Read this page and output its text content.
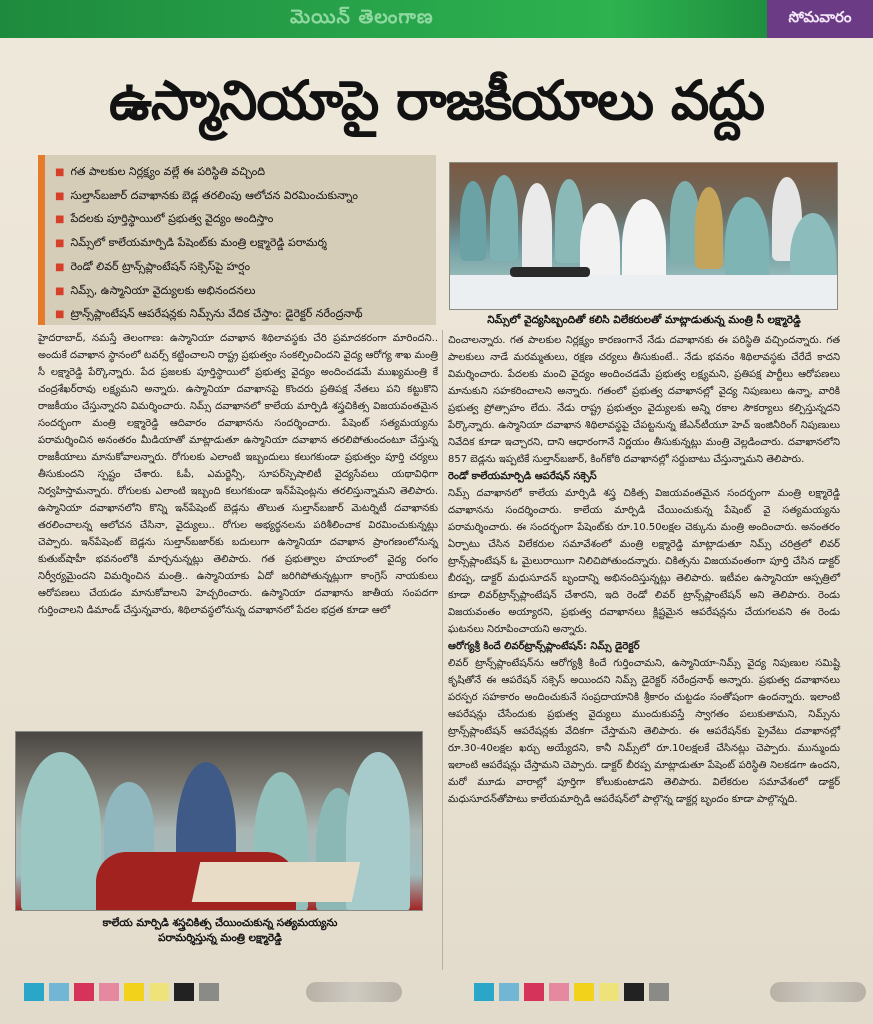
మెయిన్ తెలంగాణ	సోమవారం
ఉస్మానియాపై రాజకీయాలు వద్దు
■ గత పాలకుల నిర్లక్ష్యం వల్లే ఈ పరిస్థితి వచ్చింది
■ సుల్తాన్‌బజార్ దవాఖానకు బెడ్ల తరలింపు ఆలోచన విరమించుకున్నాం
■ పేదలకు పూర్తిస్థాయిలో ప్రభుత్వ వైద్యం అందిస్తాం
■ నిమ్స్‌లో కాలేయమార్పిడి పేషెంట్‌కు మంత్రి లక్ష్మారెడ్డి పరామర్శ
■ రెండో లివర్ ట్రాన్స్‌ప్లాంటేషన్ సక్సెస్‌పై హర్షం
■ నిమ్స్, ఉస్మానియా వైద్యులకు అభినందనలు
■ ట్రాన్స్‌ప్లాంటేషన్ ఆపరేషన్లకు నిమ్స్‌ను వేదిక చేస్తాం: డైరెక్టర్ నరేంద్రనాథ్	నిమ్స్‌లో వైద్యసిబ్బందితో కలిసి విలేకరులతో మాట్లాడుతున్న మంత్రి సీ లక్ష్మారెడ్డి

హైదరాబాద్, నమస్తే తెలంగాణ: ఉస్మానియా దవాఖాన శిథిలావస్థకు చేరి ప్రమాదకరంగా మారిందని.. అందుకే దవాఖాన స్థానంలో టవర్స్ కట్టించాలని రాష్ట్ర ప్రభుత్వం సంకల్పించిందని వైద్య ఆరోగ్య శాఖ మంత్రి సీ లక్ష్మారెడ్డి పేర్కొన్నారు. పేద ప్రజలకు పూర్తిస్థాయిలో ప్రభుత్వ వైద్యం అందించడమే ముఖ్యమంత్రి కే చంద్రశేఖర్‌రావు లక్ష్యమని అన్నారు. ఉస్మానియా దవాఖానపై కొందరు ప్రతిపక్ష నేతలు పని కట్టుకొని రాజకీయం చేస్తున్నారని విమర్శించారు. నిమ్స్ దవాఖానలో కాలేయ మార్పిడి శస్త్రచికిత్స విజయవంతమైన సందర్భంగా మంత్రి లక్ష్మారెడ్డి ఆదివారం దవాఖానను సందర్శించారు. పేషెంట్ సత్యమయ్యను పరామర్శించిన అనంతరం మీడియాతో మాట్లాడుతూ ఉస్మానియా దవాఖాన తరలిపోతుందంటూ చేస్తున్న రాజకీయాలు మానుకోవాలన్నారు. రోగులకు ఎలాంటి ఇబ్బందులు కలుగకుండా ప్రభుత్వం పూర్తి చర్యలు తీసుకుందని స్పష్టం చేశారు. ఓపీ, ఎమర్జెన్సీ, సూపర్‌స్పెషాలిటీ వైద్యసేవలు యథావిధిగా నిర్వహిస్తామన్నారు. రోగులకు ఎలాంటి ఇబ్బంది కలుగకుండా ఇన్‌పేషెంట్లను తరలిస్తున్నామని తెలిపారు. ఉస్మానియా దవాఖానలోని కొన్ని ఇన్‌పేషెంట్ బెడ్లను తొలుత సుల్తాన్‌బజార్ మెటర్నిటీ దవాఖానకు తరలించాలన్న ఆలోచన చేసినా, వైద్యులు.. రోగుల అభ్యర్థనలను పరిశీలించాక విరమించుకున్నట్లు చెప్పారు. ఇన్‌పేషెంట్ బెడ్లను సుల్తాన్‌బజార్‌కు బదులుగా ఉస్మానియా దవాఖాన ప్రాంగణంలోనున్న కుతుబ్‌షాహీ భవనంలోకి మార్చనున్నట్లు తెలిపారు. గత ప్రభుత్వాల హయాంలో వైద్య రంగం నిర్వీర్యమైందని విమర్శించిన మంత్రి.. ఉస్మానియాకు ఏదో జరిగిపోతున్నట్లుగా కాంగ్రెస్ నాయకులు ఆరోపణలు చేయడం మానుకోవాలని హెచ్చరించారు. ఉస్మానియా దవాఖాను జాతీయ సంపదగా గుర్తించాలని డిమాండ్ చేస్తున్నవారు, శిథిలావస్థలోనున్న దవాఖానలో పేదల భద్రత కూడా ఆలో

చించాలన్నారు. గత పాలకుల నిర్లక్ష్యం కారణంగానే నేడు దవాఖానకు ఈ పరిస్థితి వచ్చిందన్నారు. గత పాలకులు నాడే మరమ్మతులు, రక్షణ చర్యలు తీసుకుంటే.. నేడు భవనం శిథిలావస్థకు చేరేదే కాదని విమర్శించారు. పేదలకు మంచి వైద్యం అందించడమే ప్రభుత్వ లక్ష్యమని, ప్రతిపక్ష పార్టీలు ఆరోపణలు మానుకుని సహకరించాలని అన్నారు. గతంలో ప్రభుత్వ దవాఖానల్లో వైద్య నిపుణులు ఉన్నా, వారికి ప్రభుత్వ ప్రోత్సాహం లేదు. నేడు రాష్ట్ర ప్రభుత్వం వైద్యులకు అన్ని రకాల సౌకర్యాలు కల్పిస్తున్నదని పేర్కొన్నారు. ఉస్మానియా దవాఖాన శిథిలావస్థపై చేపట్టనున్న జేఎన్‌టీయూ హెచ్ ఇంజినీరింగ్ నిపుణులు నివేదిక కూడా ఇచ్చారని, దాని ఆధారంగానే నిర్ణయం తీసుకున్నట్లు మంత్రి వెల్లడించారు. దవాఖానలోని 857 బెడ్లను ఇప్పటికే సుల్తాన్‌బజార్, కింగ్‌కోఠి దవాఖానల్లో సర్దుబాటు చేస్తున్నామని తెలిపారు.

రెండో కాలేయమార్పిడి ఆపరేషన్ సక్సెస్

నిమ్స్ దవాఖానలో కాలేయ మార్పిడి శస్త్ర చికిత్స విజయవంతమైన సందర్భంగా మంత్రి లక్ష్మారెడ్డి దవాఖానను సందర్శించారు. కాలేయ మార్పిడి చేయించుకున్న పేషెంట్ వై సత్యమయ్యను పరామర్శించారు. ఈ సందర్భంగా పేషెంట్‌కు రూ.10.50లక్షల చెక్కును మంత్రి అందించారు. అనంతరం ఏర్పాటు చేసిన విలేకరుల సమావేశంలో మంత్రి లక్ష్మారెడ్డి మాట్లాడుతూ నిమ్స్ చరిత్రలో లివర్ ట్రాన్స్‌ప్లాంటేషన్ ఓ మైలురాయిగా నిలిచిపోతుందన్నారు. చికిత్సను విజయవంతంగా పూర్తి చేసిన డాక్టర్ బీరప్ప, డాక్టర్ మధుసూదన్ బృందాన్ని అభినందిస్తున్నట్లు తెలిపారు. ఇటీవల ఉస్మానియా ఆస్పత్రిలో కూడా లివర్‌ట్రాన్స్‌ప్లాంటేషన్ చేశారని, ఇది రెండో లివర్ ట్రాన్స్‌ప్లాంటేషన్ అని తెలిపారు. రెండు విజయవంతం అయ్యారని, ప్రభుత్వ దవాఖానలు క్లిష్టమైన ఆపరేషన్లను చేయగలవని ఈ రెండు ఘటనలు నిరూపించాయని అన్నారు.

ఆరోగ్యశ్రీ కిందే లివర్‌ట్రాన్స్‌ప్లాంటేషన్: నిమ్స్ డైరెక్టర్

లివర్ ట్రాన్స్‌ప్లాంటేషన్‌ను ఆరోగ్యశ్రీ కిందే గుర్తించామని, ఉస్మానియా-నిమ్స్ వైద్య నిపుణుల సమిష్టి కృషితోనే ఈ ఆపరేషన్ సక్సెస్ అయిందని నిమ్స్ డైరెక్టర్ నరేంద్రనాథ్ అన్నారు. ప్రభుత్వ దవాఖానలు పరస్పర సహకారం అందించుకునే సంప్రదాయానికి శ్రీకారం చుట్టడం సంతోషంగా ఉందన్నారు. ఇలాంటి ఆపరేషన్లు చేసేందుకు ప్రభుత్వ వైద్యులు ముందుకువస్తే స్వాగతం పలుకుతామని, నిమ్స్‌ను ట్రాన్స్‌ప్లాంటేషన్ ఆపరేషన్లకు వేదికగా చేస్తామని తెలిపారు. ఈ ఆపరేషన్‌కు ప్రైవేటు దవాఖానల్లో రూ.30-40లక్షల ఖర్చు అయ్యేదని, కానీ నిమ్స్‌లో రూ.10లక్షలకే చేసినట్లు చెప్పారు. మున్ముందు ఇలాంటి ఆపరేషన్లు చేస్తామని చెప్పారు. డాక్టర్ బీరప్ప మాట్లాడుతూ పేషెంట్ పరిస్థితి నిలకడగా ఉందని, మరో మూడు వారాల్లో పూర్తిగా కోలుకుంటాడని తెలిపారు. విలేకరుల సమావేశంలో డాక్టర్ మధుసూదన్‌తోపాటు కాలేయమార్పిడి ఆపరేషన్‌లో పాల్గొన్న డాక్టర్ల బృందం కూడా పాల్గొన్నది.

కాలేయ మార్పిడి శస్త్రచికిత్స చేయించుకున్న సత్యమయ్యను
పరామర్శిస్తున్న మంత్రి లక్ష్మారెడ్డి
